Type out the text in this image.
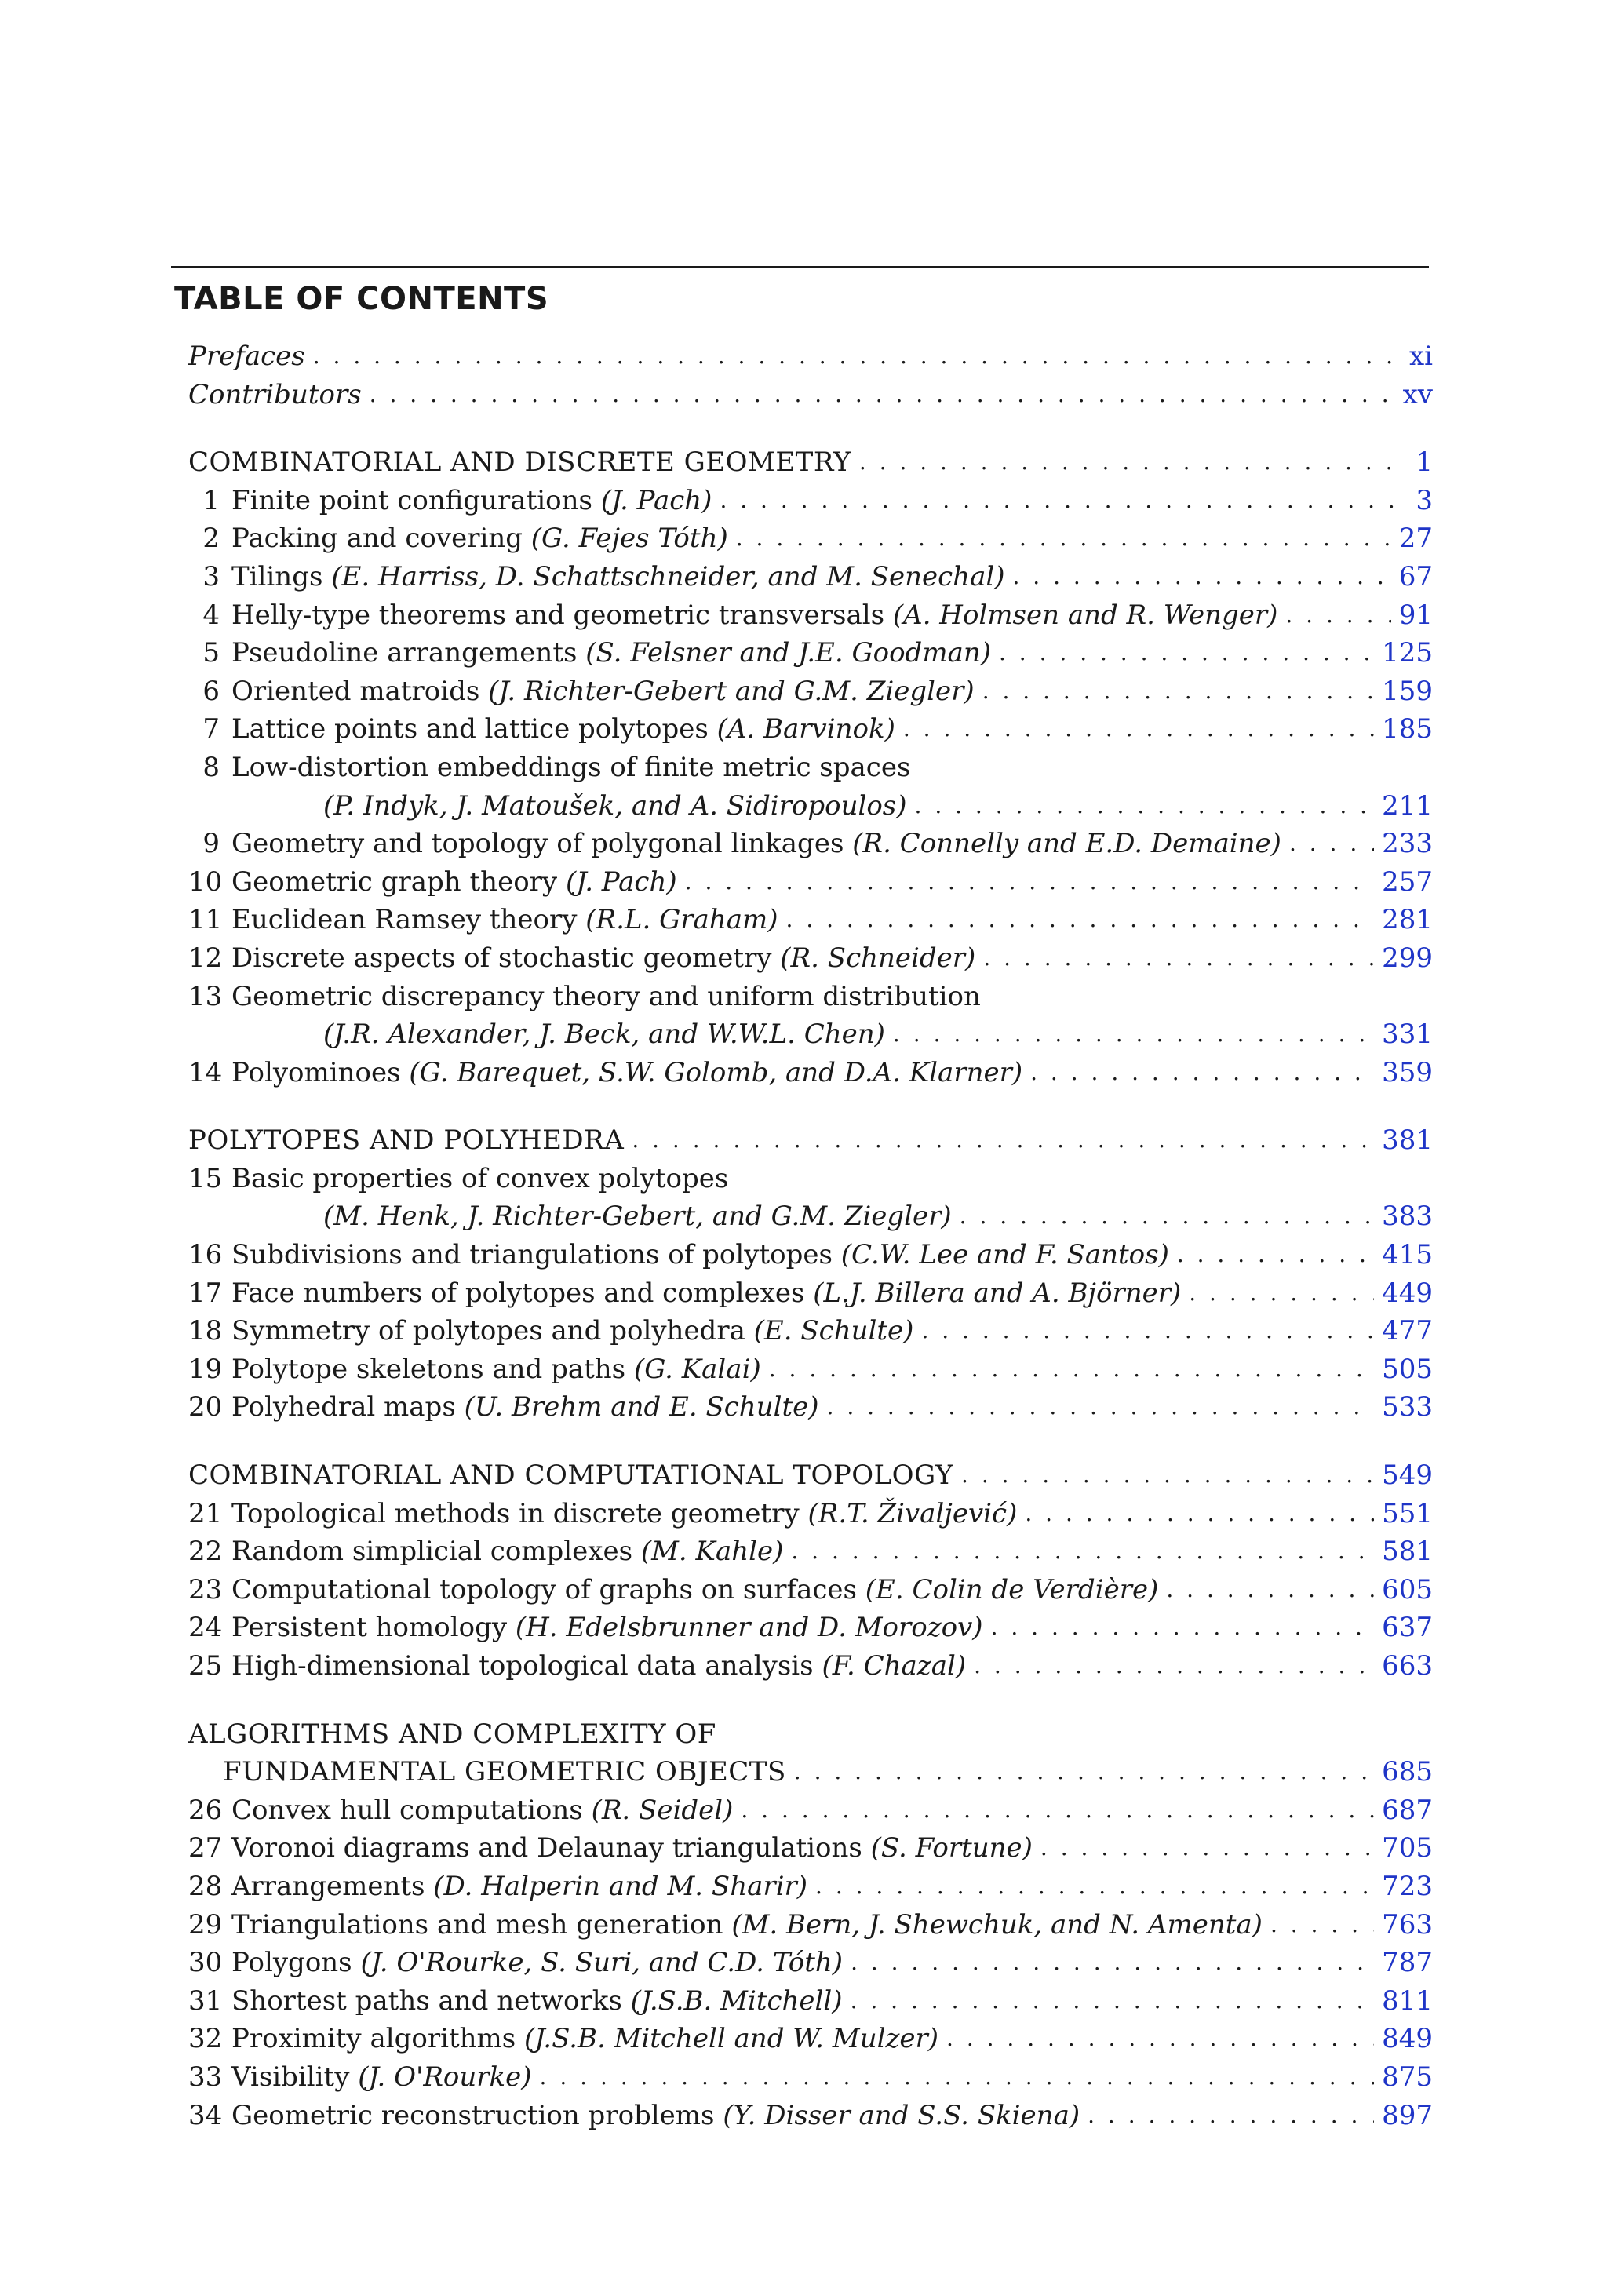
TABLE OF CONTENTS
Prefaces . . .	xi
Contributors . . .	xv
COMBINATORIAL AND DISCRETE GEOMETRY . . .	1
1 Finite point configurations (J. Pach) . . .	3
2 Packing and covering (G. Fejes Tóth) . . .	27
3 Tilings (E. Harriss, D. Schattschneider, and M. Senechal) . . .	67
4 Helly-type theorems and geometric transversals (A. Holmsen and R. Wenger) . . .	91
5 Pseudoline arrangements (S. Felsner and J.E. Goodman) . . .	125
6 Oriented matroids (J. Richter-Gebert and G.M. Ziegler) . . .	159
7 Lattice points and lattice polytopes (A. Barvinok) . . .	185
8 Low-distortion embeddings of finite metric spaces
(P. Indyk, J. Matoušek, and A. Sidiropoulos) . . .	211
9 Geometry and topology of polygonal linkages (R. Connelly and E.D. Demaine) . . .	233
10 Geometric graph theory (J. Pach) . . .	257
11 Euclidean Ramsey theory (R.L. Graham) . . .	281
12 Discrete aspects of stochastic geometry (R. Schneider) . . .	299
13 Geometric discrepancy theory and uniform distribution
(J.R. Alexander, J. Beck, and W.W.L. Chen) . . .	331
14 Polyominoes (G. Barequet, S.W. Golomb, and D.A. Klarner) . . .	359
POLYTOPES AND POLYHEDRA . . .	381
15 Basic properties of convex polytopes
(M. Henk, J. Richter-Gebert, and G.M. Ziegler) . . .	383
16 Subdivisions and triangulations of polytopes (C.W. Lee and F. Santos) . . .	415
17 Face numbers of polytopes and complexes (L.J. Billera and A. Björner) . . .	449
18 Symmetry of polytopes and polyhedra (E. Schulte) . . .	477
19 Polytope skeletons and paths (G. Kalai) . . .	505
20 Polyhedral maps (U. Brehm and E. Schulte) . . .	533
COMBINATORIAL AND COMPUTATIONAL TOPOLOGY . . .	549
21 Topological methods in discrete geometry (R.T. Živaljević) . . .	551
22 Random simplicial complexes (M. Kahle) . . .	581
23 Computational topology of graphs on surfaces (E. Colin de Verdière) . . .	605
24 Persistent homology (H. Edelsbrunner and D. Morozov) . . .	637
25 High-dimensional topological data analysis (F. Chazal) . . .	663
ALGORITHMS AND COMPLEXITY OF
FUNDAMENTAL GEOMETRIC OBJECTS . . .	685
26 Convex hull computations (R. Seidel) . . .	687
27 Voronoi diagrams and Delaunay triangulations (S. Fortune) . . .	705
28 Arrangements (D. Halperin and M. Sharir) . . .	723
29 Triangulations and mesh generation (M. Bern, J. Shewchuk, and N. Amenta) . . .	763
30 Polygons (J. O'Rourke, S. Suri, and C.D. Tóth) . . .	787
31 Shortest paths and networks (J.S.B. Mitchell) . . .	811
32 Proximity algorithms (J.S.B. Mitchell and W. Mulzer) . . .	849
33 Visibility (J. O'Rourke) . . .	875
34 Geometric reconstruction problems (Y. Disser and S.S. Skiena) . . .	897
